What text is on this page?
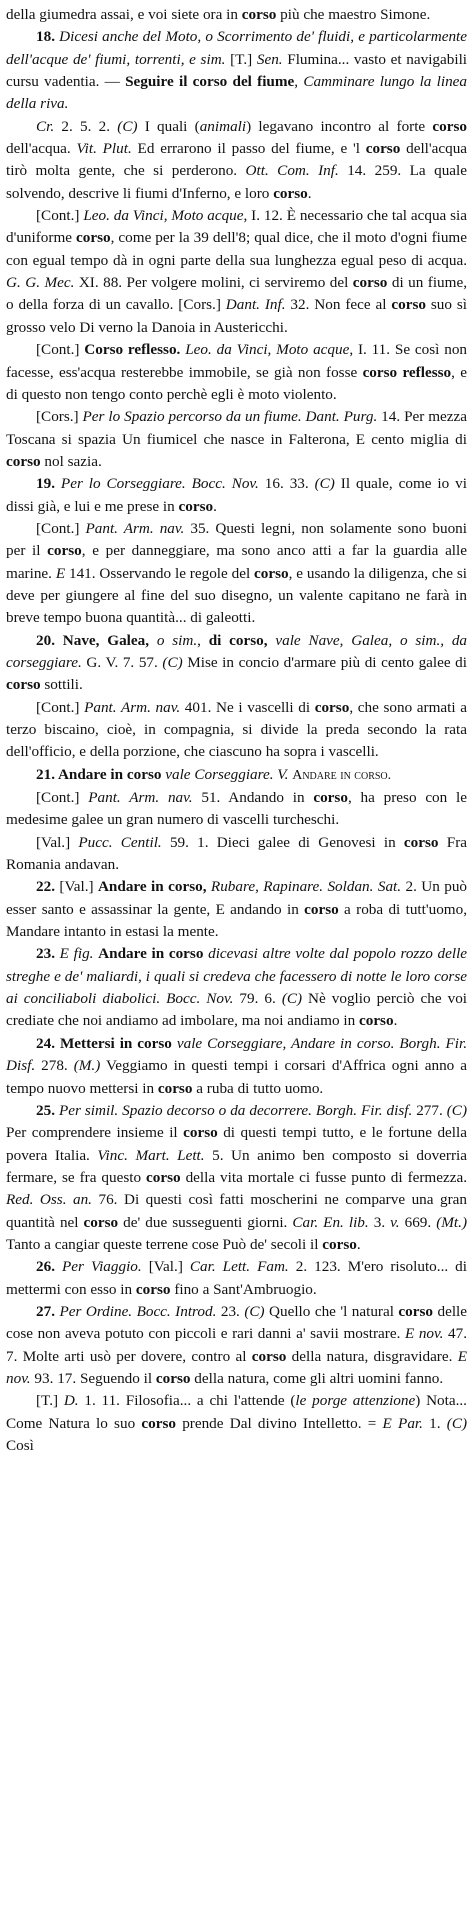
della giumedra assai, e voi siete ora in corso più che maestro Simone.

18. Dicesi anche del Moto, o Scorrimento de' fluidi, e particolarmente dell'acque de' fiumi, torrenti, e sim. [T.] Sen. Flumina... vasto et navigabili cursu vadentia. — Seguire il corso del fiume, Camminare lungo la linea della riva.

Cr. 2. 5. 2. (C) I quali (animali) legavano incontro al forte corso dell'acqua. Vit. Plut. Ed errarono il passo del fiume, e 'l corso dell'acqua tirò molta gente, che si perderono. Ott. Com. Inf. 14. 259. La quale solvendo, descrive li fiumi d'Inferno, e loro corso.

[Cont.] Leo. da Vinci, Moto acque, I. 12. È necessario che tal acqua sia d'uniforme corso, come per la 39 dell'8; qual dice, che il moto d'ogni fiume con egual tempo dà in ogni parte della sua lunghezza egual peso di acqua. G. G. Mec. XI. 88. Per volgere molini, ci serviremo del corso di un fiume, o della forza di un cavallo. [Cors.] Dant. Inf. 32. Non fece al corso suo sì grosso velo Di verno la Danoia in Austericchi.

[Cont.] Corso reflesso. Leo. da Vinci, Moto acque, I. 11. Se così non facesse, ess'acqua resterebbe immobile, se già non fosse corso reflesso, e di questo non tengo conto perchè egli è moto violento.

[Cors.] Per lo Spazio percorso da un fiume. Dant. Purg. 14. Per mezza Toscana si spazia Un fiumicel che nasce in Falterona, E cento miglia di corso nol sazia.

19. Per lo Corseggiare. Bocc. Nov. 16. 33. (C) Il quale, come io vi dissi già, e lui e me prese in corso.

[Cont.] Pant. Arm. nav. 35. Questi legni, non solamente sono buoni per il corso, e per danneggiare, ma sono anco atti a far la guardia alle marine. E 141. Osservando le regole del corso, e usando la diligenza, che si deve per giungere al fine del suo disegno, un valente capitano ne farà in breve tempo buona quantità... di galeotti.

20. Nave, Galea, o sim., di corso, vale Nave, Galea, o sim., da corseggiare. G. V. 7. 57. (C) Mise in concio d'armare più di cento galee di corso sottili.

[Cont.] Pant. Arm. nav. 401. Ne i vascelli di corso, che sono armati a terzo biscaino, cioè, in compagnia, si divide la preda secondo la rata dell'officio, e della porzione, che ciascuno ha sopra i vascelli.

21. Andare in corso vale Corseggiare. V. Andare in corso.

[Cont.] Pant. Arm. nav. 51. Andando in corso, ha preso con le medesime galee un gran numero di vascelli turcheschi.

[Val.] Pucc. Centil. 59. 1. Dieci galee di Genovesi in corso Fra Romania andavan.

22. [Val.] Andare in corso, Rubare, Rapinare. Soldan. Sat. 2. Un può esser santo e assassinar la gente, E andando in corso a roba di tutt'uomo, Mandare intanto in estasi la mente.

23. E fig. Andare in corso dicevasi altre volte dal popolo rozzo delle streghe e de' maliardi, i quali si credeva che facessero di notte le loro corse ai conciliaboli diabolici. Bocc. Nov. 79. 6. (C) Nè voglio perciò che voi crediate che noi andiamo ad imbolare, ma noi andiamo in corso.

24. Mettersi in corso vale Corseggiare, Andare in corso. Borgh. Fir. Disf. 278. (M.) Veggiamo in questi tempi i corsari d'Affrica ogni anno a tempo nuovo mettersi in corso a ruba di tutto uomo.

25. Per simil. Spazio decorso o da decorrere. Borgh. Fir. disf. 277. (C) Per comprendere insieme il corso di questi tempi tutto, e le fortune della povera Italia. Vinc. Mart. Lett. 5. Un animo ben composto si doverria fermare, se fra questo corso della vita mortale ci fusse punto di fermezza. Red. Oss. an. 76. Di questi così fatti moscherini ne comparve una gran quantità nel corso de' due susseguenti giorni. Car. En. lib. 3. v. 669. (Mt.) Tanto a cangiar queste terrene cose Può de' secoli il corso.

26. Per Viaggio. [Val.] Car. Lett. Fam. 2. 123. M'ero risoluto... di mettermi con esso in corso fino a Sant'Ambruogio.

27. Per Ordine. Bocc. Introd. 23. (C) Quello che 'l natural corso delle cose non aveva potuto con piccoli e rari danni a' savii mostrare. E nov. 47. 7. Molte arti usò per dovere, contro al corso della natura, disgravidare. E nov. 93. 17. Seguendo il corso della natura, come gli altri uomini fanno.

[T.] D. 1. 11. Filosofia... a chi l'attende (le porge attenzione) Nota... Come Natura lo suo corso prende Dal divino Intelletto. = E Par. 1. (C) Così
